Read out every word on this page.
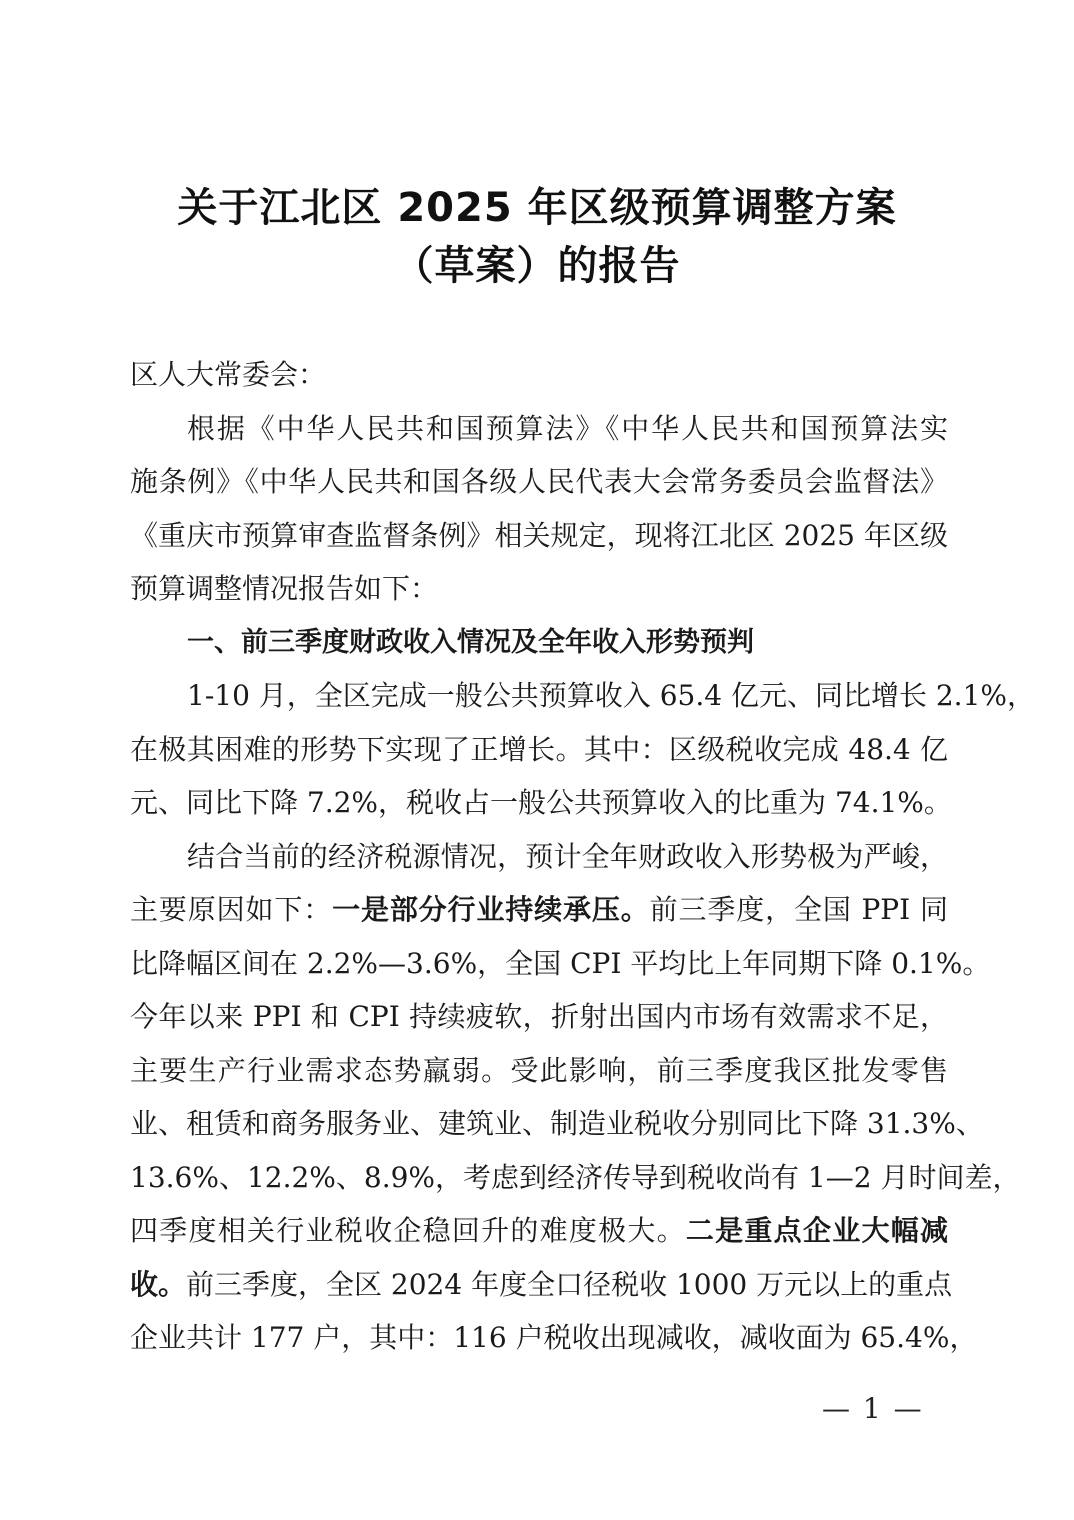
关于江北区 2025 年区级预算调整方案
（草案）的报告
区人大常委会：

根据《中华人民共和国预算法》《中华人民共和国预算法实
施条例》《中华人民共和国各级人民代表大会常务委员会监督法》
《重庆市预算审查监督条例》相关规定，现将江北区 2025 年区级
预算调整情况报告如下：

一、前三季度财政收入情况及全年收入形势预判

1-10 月，全区完成一般公共预算收入 65.4 亿元、同比增长 2.1%，
在极其困难的形势下实现了正增长。其中：区级税收完成 48.4 亿
元、同比下降 7.2%，税收占一般公共预算收入的比重为 74.1%。

结合当前的经济税源情况，预计全年财政收入形势极为严峻，
主要原因如下：一是部分行业持续承压。前三季度，全国 PPI 同
比降幅区间在 2.2%—3.6%，全国 CPI 平均比上年同期下降 0.1%。
今年以来 PPI 和 CPI 持续疲软，折射出国内市场有效需求不足，
主要生产行业需求态势羸弱。受此影响，前三季度我区批发零售
业、租赁和商务服务业、建筑业、制造业税收分别同比下降 31.3%、
13.6%、12.2%、8.9%，考虑到经济传导到税收尚有 1—2 月时间差，
四季度相关行业税收企稳回升的难度极大。二是重点企业大幅减
收。前三季度，全区 2024 年度全口径税收 1000 万元以上的重点
企业共计 177 户，其中：116 户税收出现减收，减收面为 65.4%，

— 1 —
